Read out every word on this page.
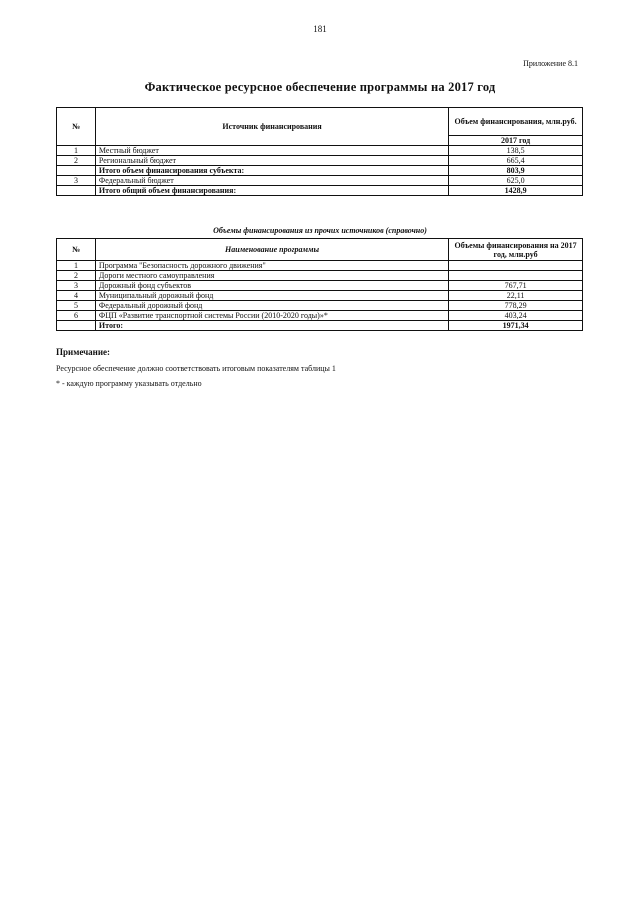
181
Приложение 8.1
Фактическое ресурсное обеспечение программы на 2017 год
№	Источник финансирования	Объем финансирования, млн.руб.
		2017 год
1	Местный бюджет	138,5
2	Региональный бюджет	665,4
	Итого объем финансирования субъекта:	803,9
3	Федеральный бюджет	625,0
	Итого общий объем финансирования:	1428,9
Объемы финансирования из прочих источников (справочно)
№	Наименование программы	Объемы финансирования на 2017 год, млн.руб
1	Программа "Безопасность дорожного движения"	
2	Дороги местного самоуправления	
3	Дорожный фонд субъектов	767,71
4	Муниципальный дорожный фонд	22,11
5	Федеральный дорожный фонд	778,29
6	ФЦП «Развитие транспортной системы России (2010-2020 годы)»*	403,24
	Итого:	1971,34
Примечание:
Ресурсное обеспечение должно соответствовать итоговым показателям таблицы 1
* - каждую программу указывать отдельно
